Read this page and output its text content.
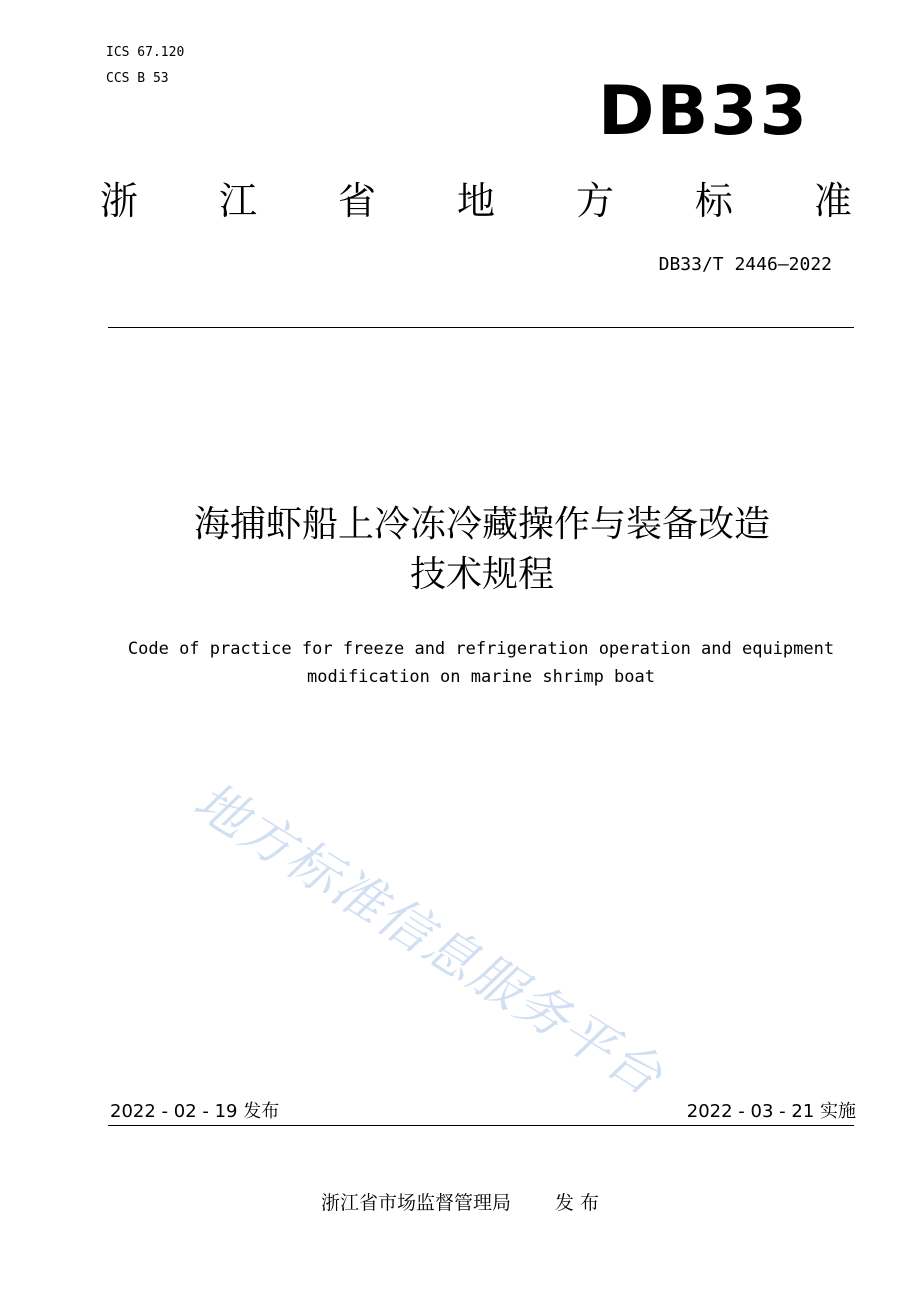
ICS 67.120
CCS B 53	DB33
浙 江 省 地 方 标 准
DB33/T 2446—2022
海捕虾船上冷冻冷藏操作与装备改造
技术规程
Code of practice for freeze and refrigeration operation and equipment
modification on marine shrimp boat
地方标准信息服务平台
2022 - 02 - 19 发布	2022 - 03 - 21 实施
浙江省市场监督管理局 发 布
